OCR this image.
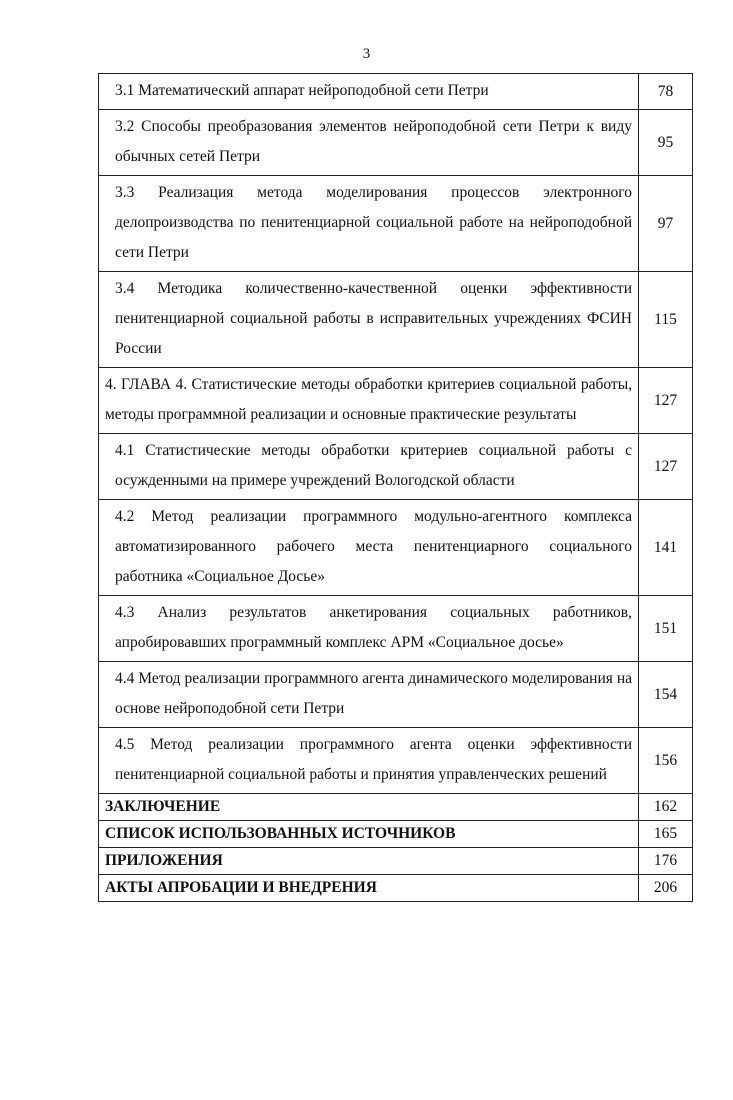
3
3.1 Математический аппарат нейроподобной сети Петри	78
3.2 Способы преобразования элементов нейроподобной сети Петри к виду обычных сетей Петри	95
3.3 Реализация метода моделирования процессов электронного делопроизводства по пенитенциарной социальной работе на нейроподобной сети Петри	97
3.4 Методика количественно-качественной оценки эффективности пенитенциарной социальной работы в исправительных учреждениях ФСИН России	115
4. ГЛАВА 4. Статистические методы обработки критериев социальной работы, методы программной реализации и основные практические результаты	127
4.1 Статистические методы обработки критериев социальной работы с осужденными на примере учреждений Вологодской области	127
4.2 Метод реализации программного модульно-агентного комплекса автоматизированного рабочего места пенитенциарного социального работника «Социальное Досье»	141
4.3 Анализ результатов анкетирования социальных работников, апробировавших программный комплекс АРМ «Социальное досье»	151
4.4 Метод реализации программного агента динамического моделирования на основе нейроподобной сети Петри	154
4.5 Метод реализации программного агента оценки эффективности пенитенциарной социальной работы и принятия управленческих решений	156
ЗАКЛЮЧЕНИЕ	162
СПИСОК ИСПОЛЬЗОВАННЫХ ИСТОЧНИКОВ	165
ПРИЛОЖЕНИЯ	176
АКТЫ АПРОБАЦИИ И ВНЕДРЕНИЯ	206
